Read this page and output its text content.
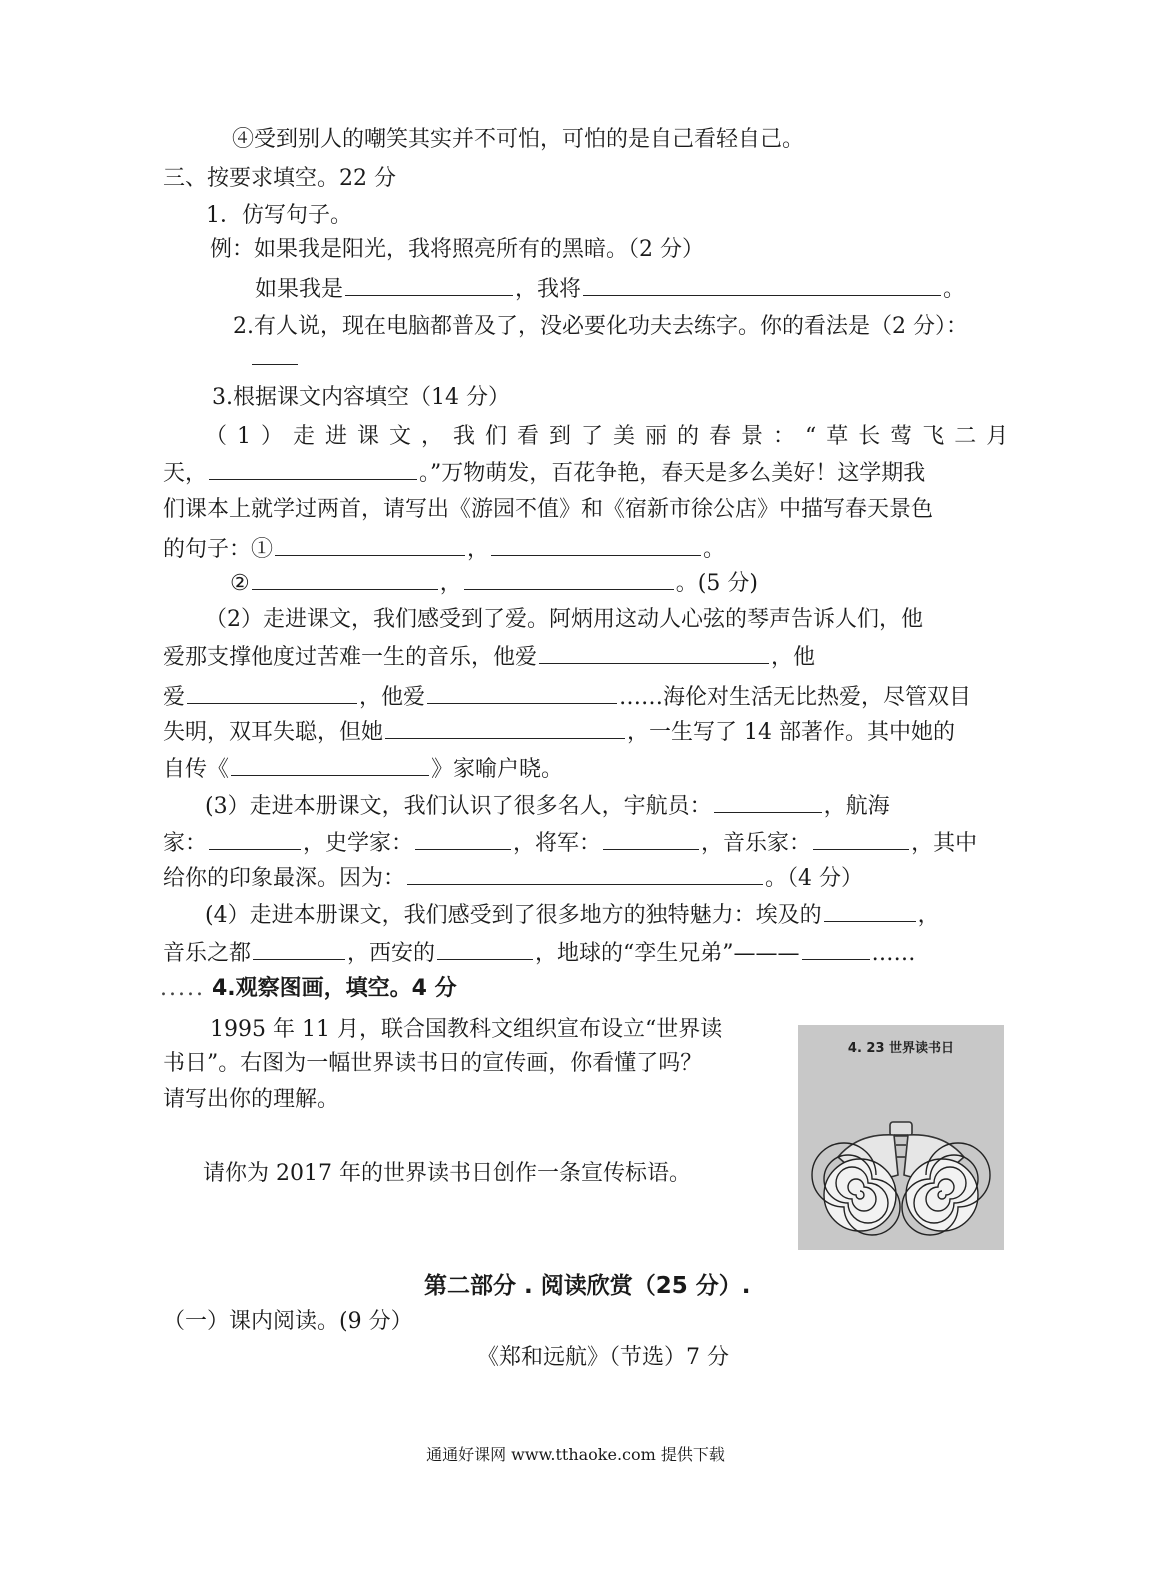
④受到别人的嘲笑其实并不可怕，可怕的是自己看轻自己。
三、按要求填空。22 分
1．仿写句子。
例：如果我是阳光，我将照亮所有的黑暗。（2 分）
如果我是	，我将	。
2.有人说，现在电脑都普及了，没必要化功夫去练字。你的看法是（2 分）：
3.根据课文内容填空（14 分）
（1）走进课文，我们看到了美丽的春景：“草长莺飞二月
天，	。”万物萌发，百花争艳，春天是多么美好！这学期我
们课本上就学过两首，请写出《游园不值》和《宿新市徐公店》中描写春天景色
的句子：①	，	。
②	，	。(5 分)
（2）走进课文，我们感受到了爱。阿炳用这动人心弦的琴声告诉人们，他
爱那支撑他度过苦难一生的音乐，他爱	，他
爱	，他爱	……海伦对生活无比热爱，尽管双目
失明，双耳失聪，但她	，一生写了 14 部著作。其中她的
自传《	》家喻户晓。
(3）走进本册课文，我们认识了很多名人，宇航员：	，航海
家：	，史学家：	，将军：	，音乐家：	，其中
给你的印象最深。因为：	。（4 分）
(4）走进本册课文，我们感受到了很多地方的独特魅力：埃及的	，
音乐之都	，西安的	，地球的“孪生兄弟”———	……
..... 4.观察图画，填空。4 分
1995 年 11 月，联合国教科文组织宣布设立“世界读
书日”。右图为一幅世界读书日的宣传画，你看懂了吗？
请写出你的理解。
请你为 2017 年的世界读书日创作一条宣传标语。
4. 23 世界读书日
第二部分 . 阅读欣赏（25 分）.
（一）课内阅读。(9 分）
《郑和远航》（节选）7 分
通通好课网 www.tthaoke.com 提供下载
